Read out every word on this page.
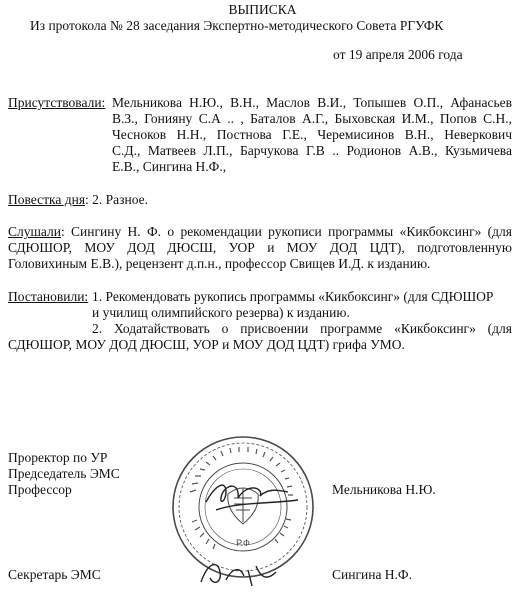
ВЫПИСКА
Из протокола № 28 заседания Экспертно-методического Совета РГУФК
от 19 апреля 2006 года
Присутствовали: Мельникова Н.Ю., В.Н., Маслов В.И., Топышев О.П., Афанасьев
В.З., Гонияну С.А .. , Баталов А.Г., Быховская И.М., Попов С.Н.,
Чесноков Н.Н., Постнова Г.Е., Черемисинов В.Н., Неверкович
С.Д., Матвеев Л.П., Барчукова Г.В .. Родионов А.В., Кузьмичева
Е.В., Сингина Н.Ф.,
Повестка дня: 2. Разное.
Слушали: Сингину Н. Ф. о рекомендации рукописи программы «Кикбоксинг» (для
СДЮШОР, МОУ ДОД ДЮСШ, УОР и МОУ ДОД ЦДТ), подготовленную
Головихиным Е.В.), рецензент д.п.н., профессор Свищев И.Д. к изданию.
Постановили: 1. Рекомендовать рукопись программы «Кикбоксинг» (для СДЮШОР
и училищ олимпийского резерва) к изданию.
2. Ходатайствовать о присвоении программе «Кикбоксинг» (для
СДЮШОР, МОУ ДОД ДЮСШ, УОР и МОУ ДОД ЦДТ) грифа УМО.
Р.Ф
Проректор по УР
Председатель ЭМС
Профессор	Мельникова Н.Ю.
Секретарь ЭМС	Сингина Н.Ф.
